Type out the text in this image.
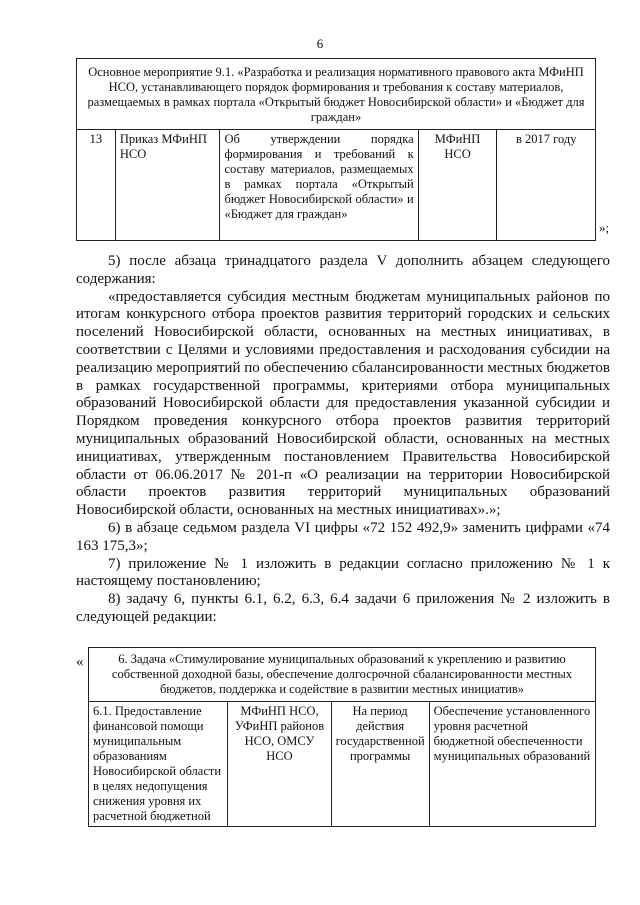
6
Основное мероприятие 9.1. «Разработка и реализация нормативного правового акта МФиНП НСО, устанавливающего порядок формирования и требования к составу материалов, размещаемых в рамках портала «Открытый бюджет Новосибирской области» и «Бюджет для граждан»
13	Приказ МФиНП НСО	Об утверждении порядка формирования и требований к составу материалов, размещаемых в рамках портала «Открытый бюджет Новосибирской области» и «Бюджет для граждан»	МФиНП НСО	в 2017 году
»;

5) после абзаца тринадцатого раздела V дополнить абзацем следующего содержания:

«предоставляется субсидия местным бюджетам муниципальных районов по итогам конкурсного отбора проектов развития территорий городских и сельских поселений Новосибирской области, основанных на местных инициативах, в соответствии с Целями и условиями предоставления и расходования субсидии на реализацию мероприятий по обеспечению сбалансированности местных бюджетов в рамках государственной программы, критериями отбора муниципальных образований Новосибирской области для предоставления указанной субсидии и Порядком проведения конкурсного отбора проектов развития территорий муниципальных образований Новосибирской области, основанных на местных инициативах, утвержденным постановлением Правительства Новосибирской области от 06.06.2017 № 201-п «О реализации на территории Новосибирской области проектов развития территорий муниципальных образований Новосибирской области, основанных на местных инициативах».»;

6) в абзаце седьмом раздела VI цифры «72 152 492,9» заменить цифрами «74 163 175,3»;

7) приложение № 1 изложить в редакции согласно приложению № 1 к настоящему постановлению;

8) задачу 6, пункты 6.1, 6.2, 6.3, 6.4 задачи 6 приложения № 2 изложить в следующей редакции:

«	6. Задача «Стимулирование муниципальных образований к укреплению и развитию собственной доходной базы, обеспечение долгосрочной сбалансированности местных бюджетов, поддержка и содействие в развитии местных инициатив»
6.1. Предоставление финансовой помощи муниципальным образованиям Новосибирской области в целях недопущения снижения уровня их расчетной бюджетной	МФиНП НСО, УФиНП районов НСО, ОМСУ НСО	На период действия государственной программы	Обеспечение установленного уровня расчетной бюджетной обеспеченности муниципальных образований
